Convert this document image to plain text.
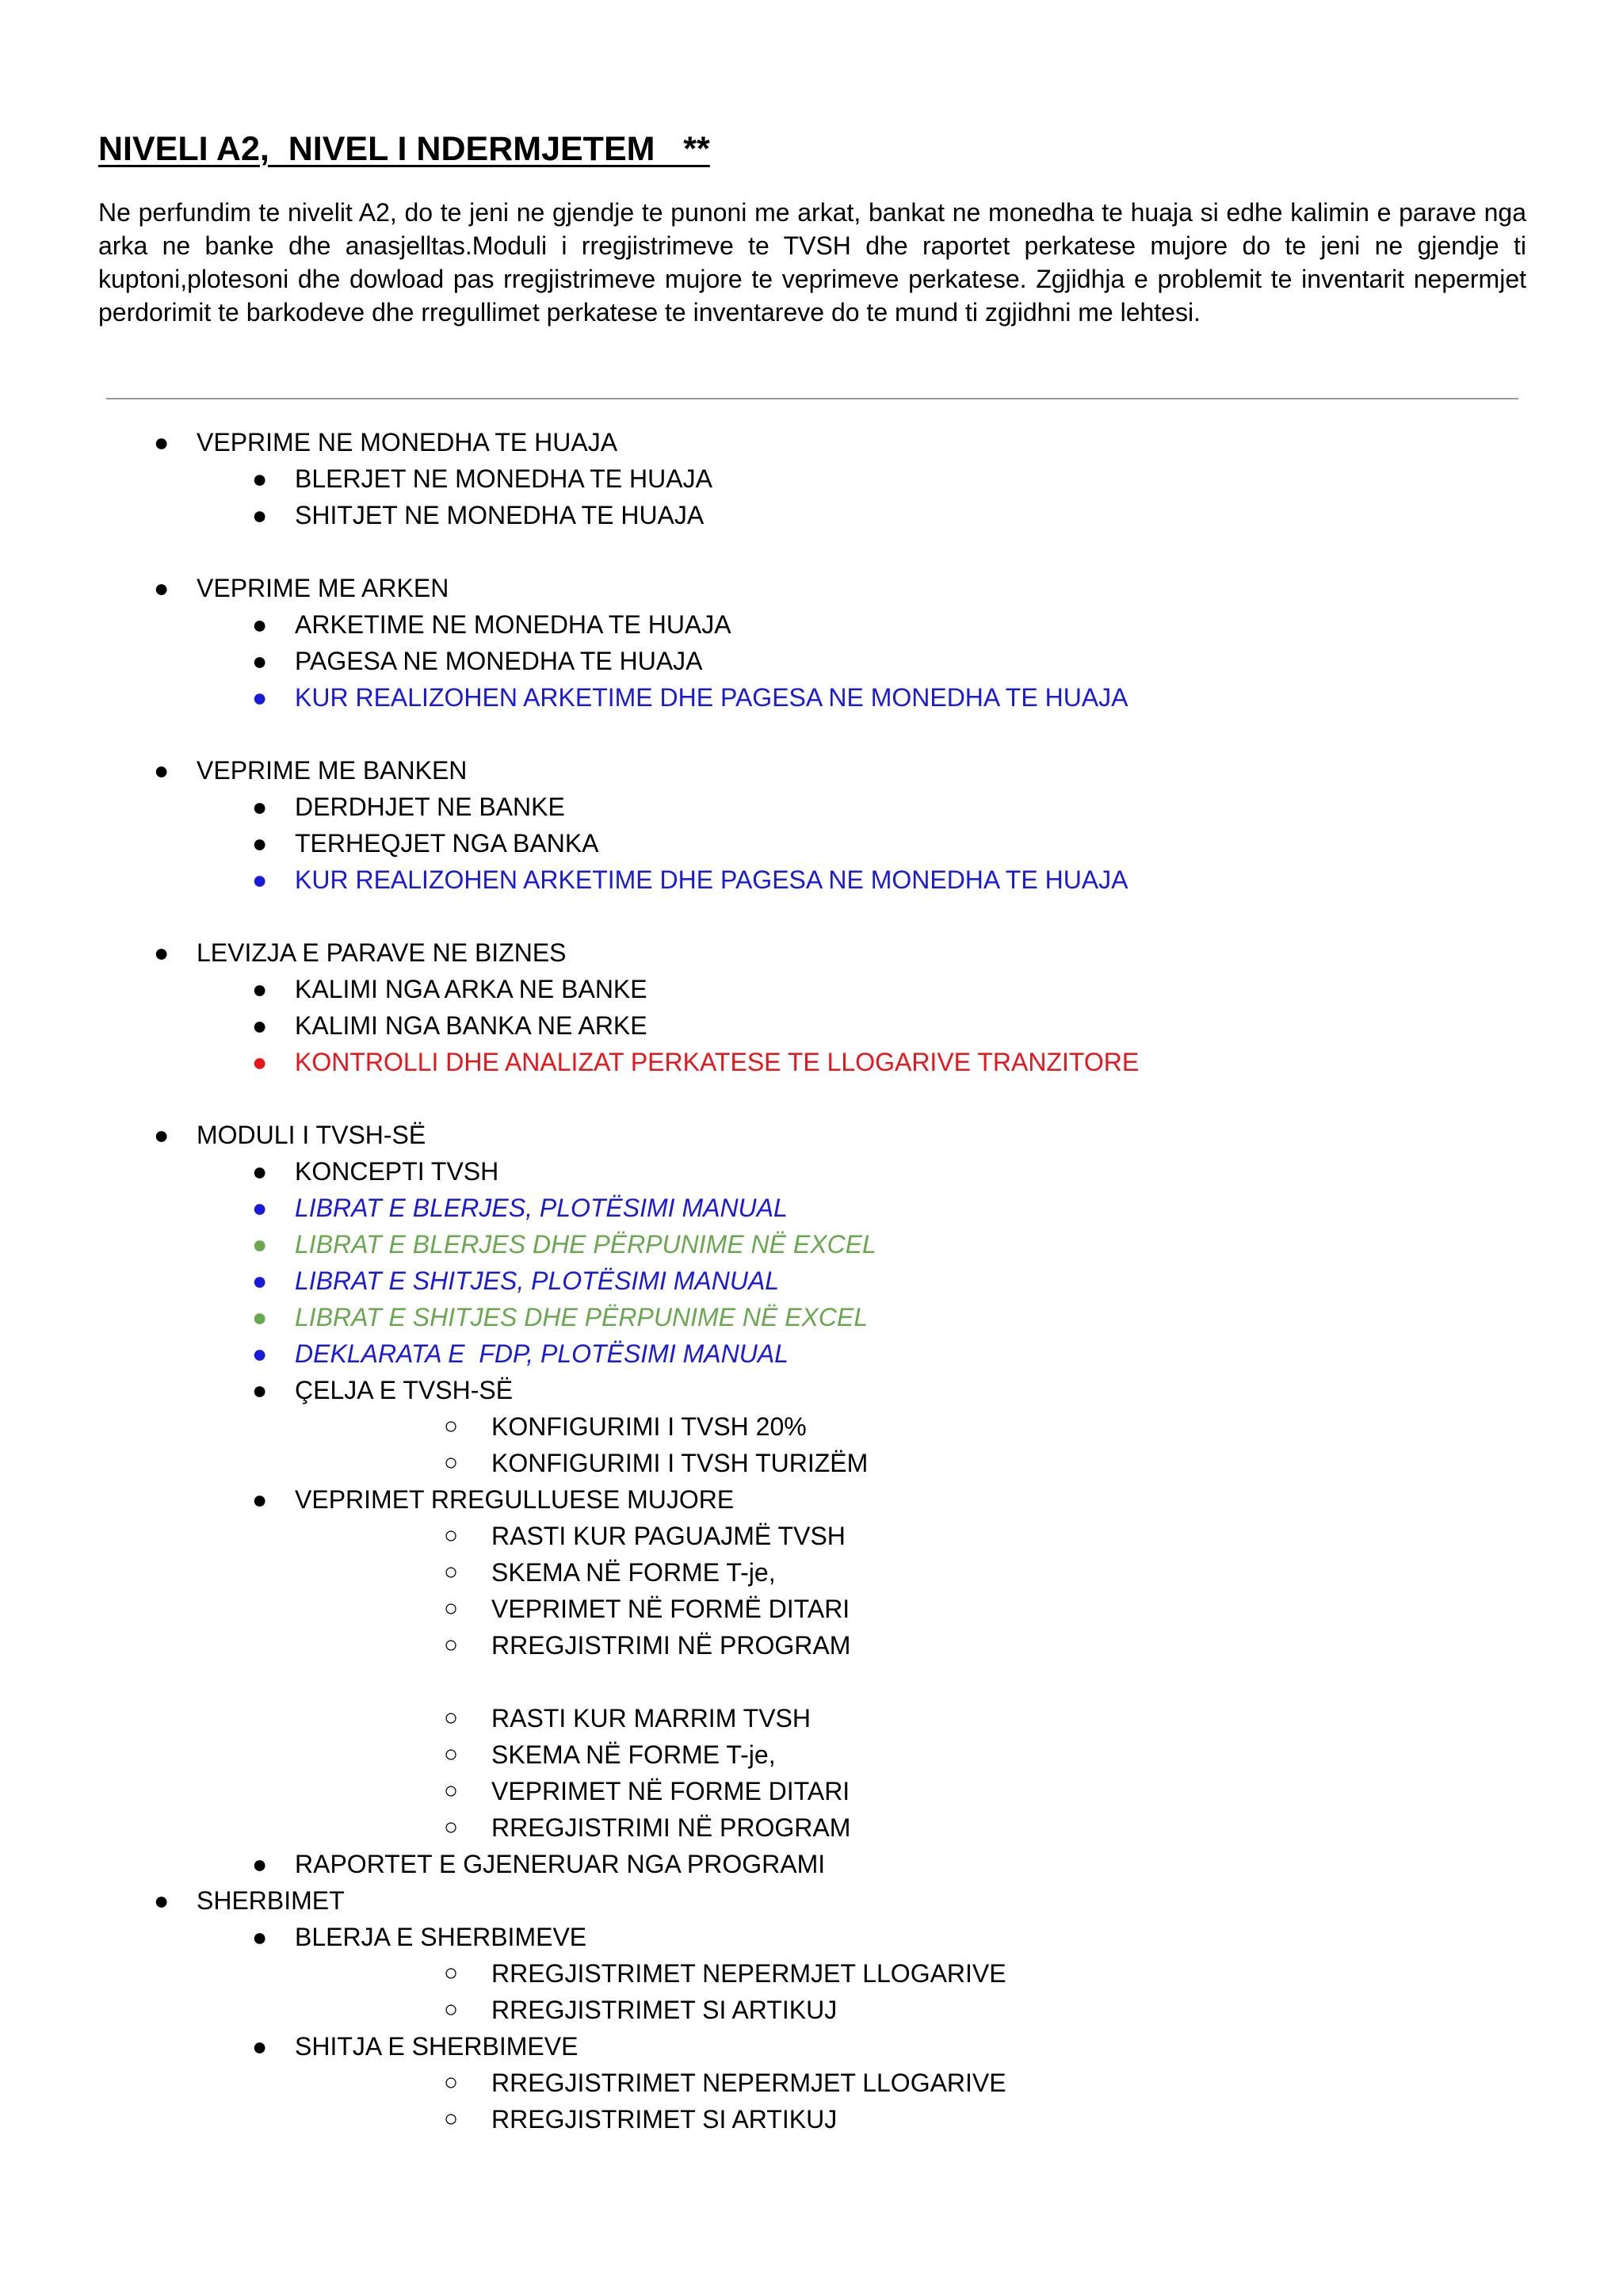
NIVELI A2,  NIVEL I NDERMJETEM   **

Ne perfundim te nivelit A2, do te jeni ne gjendje te punoni me arkat, bankat ne monedha te huaja si edhe kalimin e parave nga arka ne banke dhe anasjelltas.Moduli i rregjistrimeve te TVSH dhe raportet perkatese mujore do te jeni ne gjendje ti kuptoni,plotesoni dhe dowload pas rregjistrimeve mujore te veprimeve perkatese. Zgjidhja e problemit te inventarit nepermjet perdorimit te barkodeve dhe rregullimet perkatese te inventareve do te mund ti zgjidhni me lehtesi.

● VEPRIME NE MONEDHA TE HUAJA
● BLERJET NE MONEDHA TE HUAJA
● SHITJET NE MONEDHA TE HUAJA
● VEPRIME ME ARKEN
● ARKETIME NE MONEDHA TE HUAJA
● PAGESA NE MONEDHA TE HUAJA
● KUR REALIZOHEN ARKETIME DHE PAGESA NE MONEDHA TE HUAJA
● VEPRIME ME BANKEN
● DERDHJET NE BANKE
● TERHEQJET NGA BANKA
● KUR REALIZOHEN ARKETIME DHE PAGESA NE MONEDHA TE HUAJA
● LEVIZJA E PARAVE NE BIZNES
● KALIMI NGA ARKA NE BANKE
● KALIMI NGA BANKA NE ARKE
● KONTROLLI DHE ANALIZAT PERKATESE TE LLOGARIVE TRANZITORE
● MODULI I TVSH-SË
● KONCEPTI TVSH
● LIBRAT E BLERJES, PLOTËSIMI MANUAL
● LIBRAT E BLERJES DHE PËRPUNIME NË EXCEL
● LIBRAT E SHITJES, PLOTËSIMI MANUAL
● LIBRAT E SHITJES DHE PËRPUNIME NË EXCEL
● DEKLARATA E  FDP, PLOTËSIMI MANUAL
● ÇELJA E TVSH-SË
○ KONFIGURIMI I TVSH 20%
○ KONFIGURIMI I TVSH TURIZËM
● VEPRIMET RREGULLUESE MUJORE
○ RASTI KUR PAGUAJMË TVSH
○ SKEMA NË FORME T-je,
○ VEPRIMET NË FORMË DITARI
○ RREGJISTRIMI NË PROGRAM
○ RASTI KUR MARRIM TVSH
○ SKEMA NË FORME T-je,
○ VEPRIMET NË FORME DITARI
○ RREGJISTRIMI NË PROGRAM
● RAPORTET E GJENERUAR NGA PROGRAMI
● SHERBIMET
● BLERJA E SHERBIMEVE
○ RREGJISTRIMET NEPERMJET LLOGARIVE
○ RREGJISTRIMET SI ARTIKUJ
● SHITJA E SHERBIMEVE
○ RREGJISTRIMET NEPERMJET LLOGARIVE
○ RREGJISTRIMET SI ARTIKUJ
